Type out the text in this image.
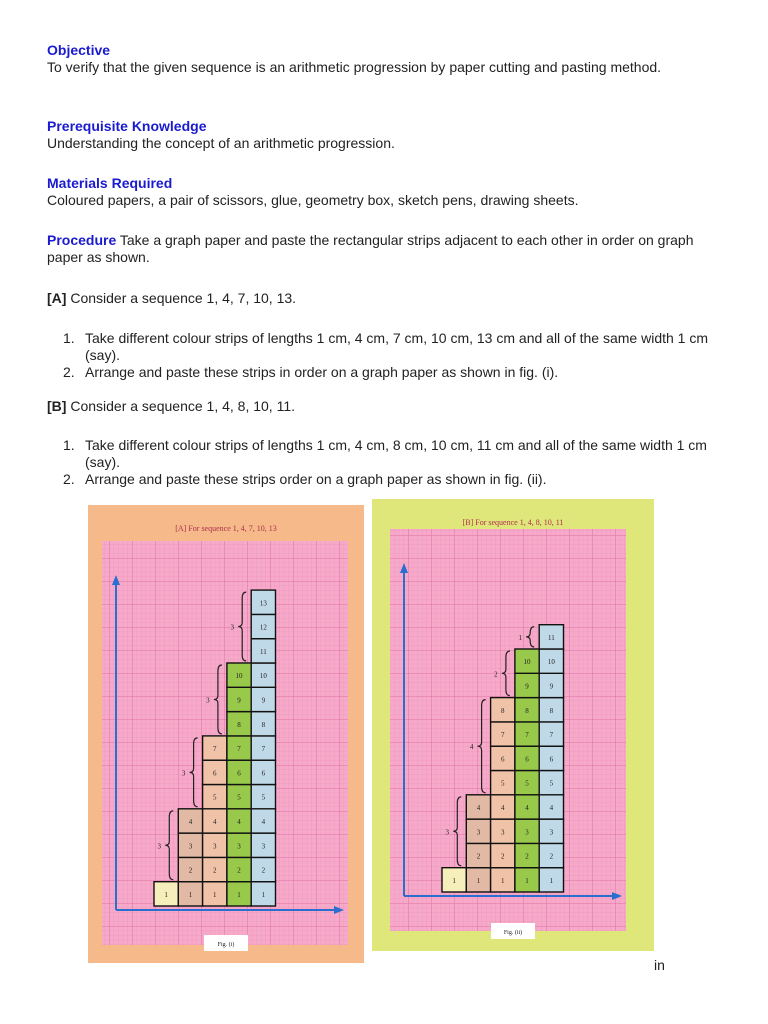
Objective

To verify that the given sequence is an arithmetic progression by paper cutting and pasting method.

Prerequisite Knowledge

Understanding the concept of an arithmetic progression.

Materials Required

Coloured papers, a pair of scissors, glue, geometry box, sketch pens, drawing sheets.

Procedure Take a graph paper and paste the rectangular strips adjacent to each other in order on graph paper as shown.

[A] Consider a sequence 1, 4, 7, 10, 13.

1. Take different colour strips of lengths 1 cm, 4 cm, 7 cm, 10 cm, 13 cm and all of the same width 1 cm (say).
2. Arrange and paste these strips in order on a graph paper as shown in fig. (i).

[B] Consider a sequence 1, 4, 8, 10, 11.

1. Take different colour strips of lengths 1 cm, 4 cm, 8 cm, 10 cm, 11 cm and all of the same width 1 cm (say).
2. Arrange and paste these strips order on a graph paper as shown in fig. (ii).
[A] For sequence 1, 4, 7, 10, 13
1	1
2
3
4
1
2
3
4
5
6
7
1
2
3
4
5
6
7
8
9
10
1
2
3
4
5
6
7
8
9
10
11
12
13
3
3
3
3
Fig. (i)
[B] For sequence 1, 4, 8, 10, 11
1	1
2
3
4
1
2
3
4
5
6
7
8
1
2
3
4
5
6
7
8
9
10
1
2
3
4
5
6
7
8
9
10
11
3
4
2
1
Fig. (ii)
in
